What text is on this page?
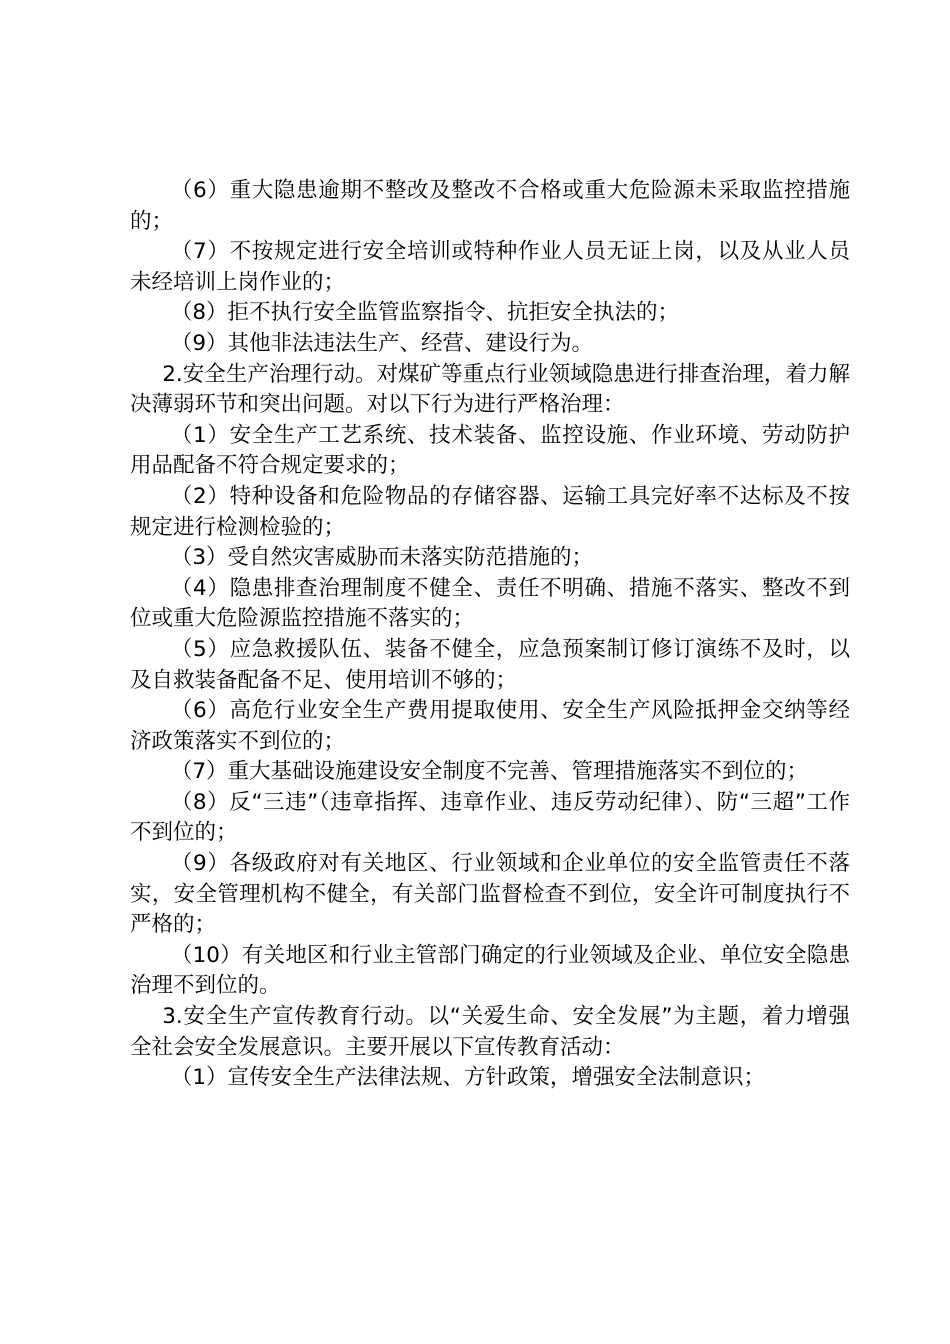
（6）重大隐患逾期不整改及整改不合格或重大危险源未采取监控措施的；

（7）不按规定进行安全培训或特种作业人员无证上岗，以及从业人员未经培训上岗作业的；

（8）拒不执行安全监管监察指令、抗拒安全执法的；

（9）其他非法违法生产、经营、建设行为。

2.安全生产治理行动。对煤矿等重点行业领域隐患进行排查治理，着力解决薄弱环节和突出问题。对以下行为进行严格治理：

（1）安全生产工艺系统、技术装备、监控设施、作业环境、劳动防护用品配备不符合规定要求的；

（2）特种设备和危险物品的存储容器、运输工具完好率不达标及不按规定进行检测检验的；

（3）受自然灾害威胁而未落实防范措施的；

（4）隐患排查治理制度不健全、责任不明确、措施不落实、整改不到位或重大危险源监控措施不落实的；

（5）应急救援队伍、装备不健全，应急预案制订修订演练不及时，以及自救装备配备不足、使用培训不够的；

（6）高危行业安全生产费用提取使用、安全生产风险抵押金交纳等经济政策落实不到位的；

（7）重大基础设施建设安全制度不完善、管理措施落实不到位的；

（8）反“三违”（违章指挥、违章作业、违反劳动纪律）、防“三超”工作不到位的；

（9）各级政府对有关地区、行业领域和企业单位的安全监管责任不落实，安全管理机构不健全，有关部门监督检查不到位，安全许可制度执行不严格的；

（10）有关地区和行业主管部门确定的行业领域及企业、单位安全隐患治理不到位的。

3.安全生产宣传教育行动。以“关爱生命、安全发展”为主题，着力增强全社会安全发展意识。主要开展以下宣传教育活动：

（1）宣传安全生产法律法规、方针政策，增强安全法制意识；
